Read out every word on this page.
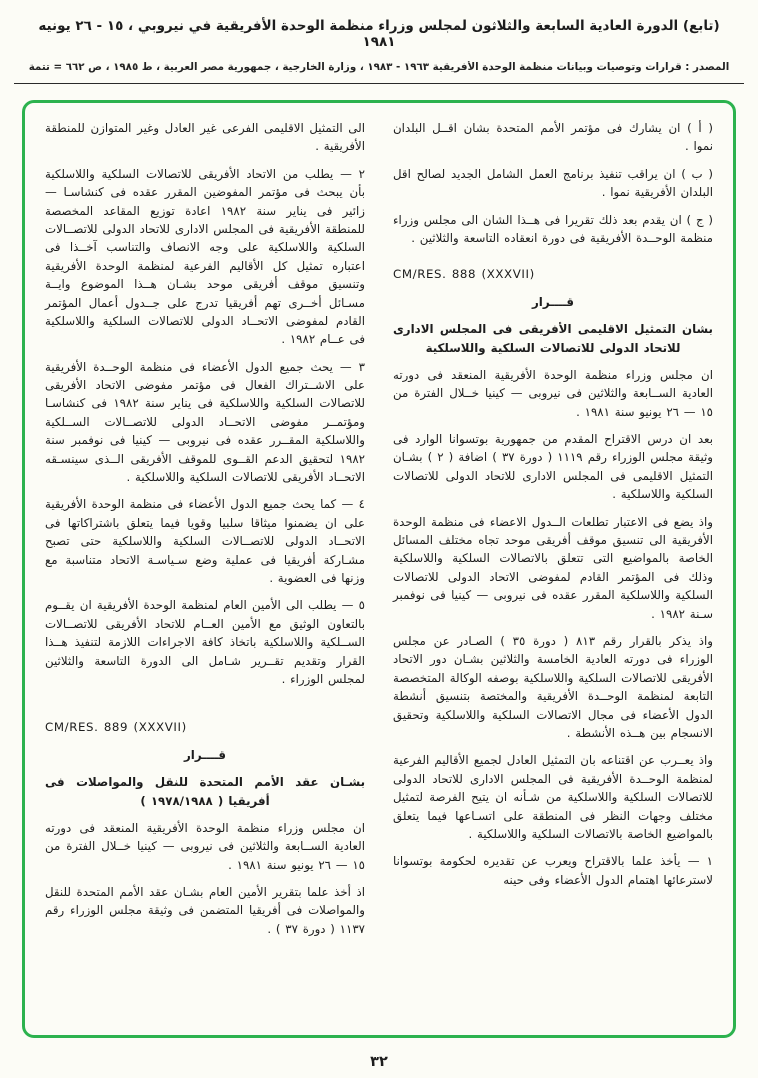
(تابع) الدورة العادية السابعة والثلاثون لمجلس وزراء منظمة الوحدة الأفريقية في نيروبي ، ١٥ - ٢٦ يونيه ١٩٨١
المصدر : قرارات وتوصيات وبيانات منظمة الوحدة الأفريقية ١٩٦٣ - ١٩٨٣ ، وزارة الخارجية ، جمهورية مصر العربية ، ط ١٩٨٥ ، ص ٦٦٢ = تتمة

( أ ) ان يشارك فى مؤتمر الأمم المتحدة بشان اقــل البلدان نموا .

( ب ) ان يراقب تنفيذ برنامج العمل الشامل الجديد لصالح اقل البلدان الأفريقية نموا .

( ج ) ان يقدم بعد ذلك تقريرا فى هــذا الشان الى مجلس وزراء منظمة الوحــدة الأفريقية فى دورة انعقاده التاسعة والثلاثين .

CM/RES. 888 (XXXVII)

قــــرار

بشان التمثيل الاقليمى الأفريقى فى المجلس الادارى للاتحاد الدولى للاتصالات السلكية واللاسلكية

ان مجلس وزراء منظمة الوحدة الأفريقية المنعقد فى دورته العادية الســابعة والثلاثين فى نيروبى — كينيا خــلال الفترة من ١٥ — ٢٦ يونيو سنة ١٩٨١ .

بعد ان درس الاقتراح المقدم من جمهورية بوتسوانا الوارد فى وثيقة مجلس الوزراء رقم ١١١٩ ( دورة ٣٧ ) اضافة ( ٢ ) بشـان التمثيل الاقليمى فى المجلس الادارى للاتحاد الدولى للاتصالات السلكية واللاسلكية .

واذ يضع فى الاعتبار تطلعات الــدول الاعضاء فى منظمة الوحدة الأفريقية الى تنسيق موقف أفريقى موحد تجاه مختلف المسائل الخاصة بالمواضيع التى تتعلق بالاتصالات السلكية واللاسلكية وذلك فى المؤتمر القادم لمفوضى الاتحاد الدولى للاتصالات السلكية واللاسلكية المقرر عقده فى نيروبى — كينيا فى نوفمبر سـنة ١٩٨٢ .

واذ يذكر بالقرار رقم ٨١٣ ( دورة ٣٥ ) الصـادر عن مجلس الوزراء فى دورته العادية الخامسة والثلاثين بشـان دور الاتحاد الأفريقى للاتصالات السلكية واللاسلكية بوصفه الوكالة المتخصصة التابعة لمنظمة الوحــدة الأفريقية والمختصة بتنسيق أنشطة الدول الأعضاء فى مجال الاتصالات السلكية واللاسلكية وتحقيق الانسجام بين هــذه الأنشطة .

واذ يعــرب عن اقتناعه بان التمثيل العادل لجميع الأقاليم الفرعية لمنظمة الوحــدة الأفريقية فى المجلس الادارى للاتحاد الدولى للاتصالات السلكية واللاسلكية من شـأنه ان يتيح الفرصة لتمثيل مختلف وجهات النظر فى المنطقة على اتسـاعها فيما يتعلق بالمواضيع الخاصة بالاتصالات السلكية واللاسلكية .

١ — يأخذ علما بالاقتراح ويعرب عن تقديره لحكومة بوتسوانا لاسترعائها اهتمام الدول الأعضاء وفى حينه

الى التمثيل الاقليمى الفرعى غير العادل وغير المتوازن للمنطقة الأفريقية .

٢ — يطلب من الاتحاد الأفريقى للاتصالات السلكية واللاسلكية بأن يبحث فى مؤتمر المفوضين المقرر عقده فى كنشاسـا — زائير فى يناير سنة ١٩٨٢ اعادة توزيع المقاعد المخصصة للمنطقة الأفريقية فى المجلس الادارى للاتحاد الدولى للاتصــالات السلكية واللاسلكية على وجه الانصاف والتناسب آخــذا فى اعتباره تمثيل كل الأقاليم الفرعية لمنظمة الوحدة الأفريقية وتنسيق موقف أفريقى موحد بشـان هــذا الموضوع وايــة مسـائل أخــرى تهم أفريقيا تدرج على جــدول أعمال المؤتمر القادم لمفوضى الاتحــاد الدولى للاتصالات السلكية واللاسلكية فى عــام ١٩٨٢ .

٣ — يحث جميع الدول الأعضاء فى منظمة الوحــدة الأفريقية على الاشــتراك الفعال فى مؤتمر مفوضى الاتحاد الأفريقى للاتصالات السلكية واللاسلكية فى يناير سنة ١٩٨٢ فى كنشاسـا ومؤتمــر مفوضى الاتحــاد الدولى للاتصــالات الســلكية واللاسلكية المقــرر عقده فى نيروبى — كينيا فى نوفمبر سنة ١٩٨٢ لتحقيق الدعم القــوى للموقف الأفريقى الــذى سينسـقه الاتحــاد الأفريقى للاتصالات السلكية واللاسلكية .

٤ — كما يحث جميع الدول الأعضاء فى منظمة الوحدة الأفريقية على ان يضمنوا ميثاقا سلبيا وقويا فيما يتعلق باشتراكاتها فى الاتحــاد الدولى للاتصــالات السلكية واللاسلكية حتى تصبح مشـاركة أفريقيا فى عملية وضع سـياسـة الاتحاد متناسبة مع وزنها فى العضوية .

٥ — يطلب الى الأمين العام لمنظمة الوحدة الأفريقية ان يقــوم بالتعاون الوثيق مع الأمين العــام للاتحاد الأفريقى للاتصــالات الســلكية واللاسلكية باتخاذ كافة الاجراءات اللازمة لتنفيذ هــذا القرار وتقديم تقــرير شـامل الى الدورة التاسعة والثلاثين لمجلس الوزراء .

CM/RES. 889 (XXXVII)

قــــرار

بشـان عقد الأمم المتحدة للنقل والمواصلات فى أفريقيا ( ١٩٧٨/١٩٨٨ )

ان مجلس وزراء منظمة الوحدة الأفريقية المنعقد فى دورته العادية الســابعة والثلاثين فى نيروبى — كينيا خــلال الفترة من ١٥ — ٢٦ يونيو سنة ١٩٨١ .

اذ أخذ علما بتقرير الأمين العام بشـان عقد الأمم المتحدة للنقل والمواصلات فى أفريقيا المتضمن فى وثيقة مجلس الوزراء رقم ١١٣٧ ( دورة ٣٧ ) .

٣٢
